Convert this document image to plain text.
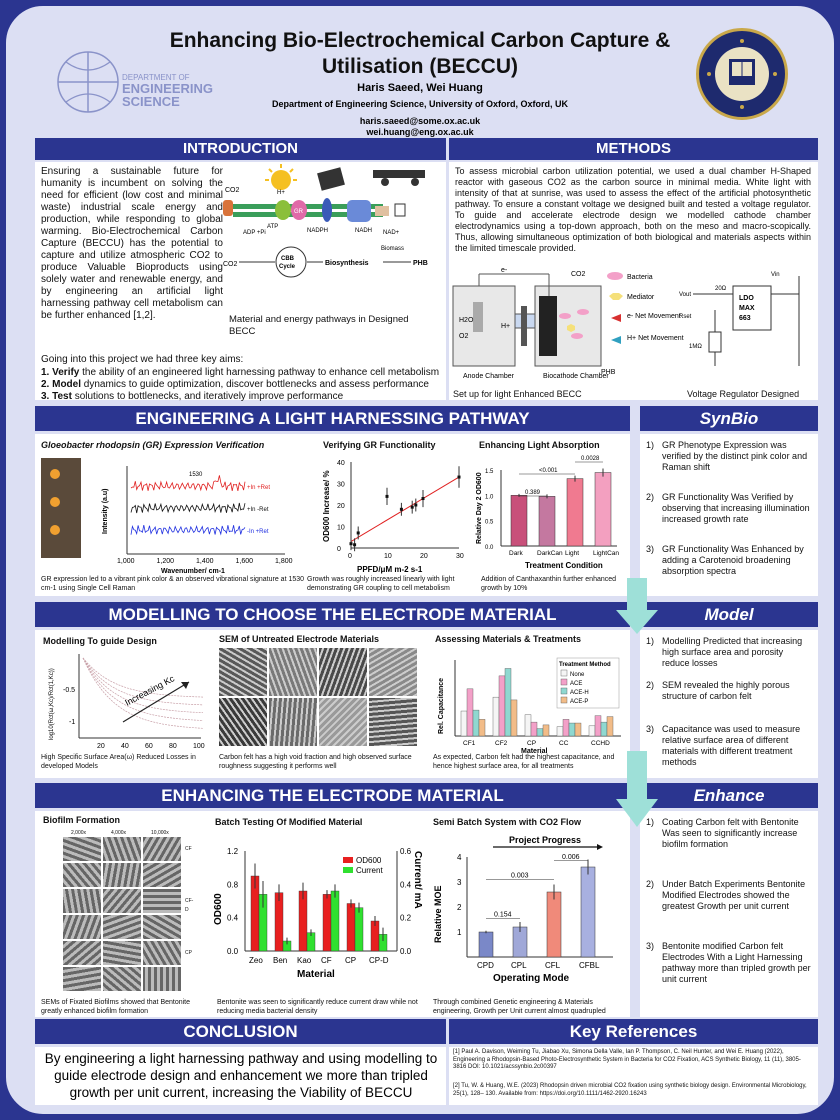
DEPARTMENT OF
ENGINEERING
SCIENCE
Enhancing Bio-Electrochemical Carbon Capture & Utilisation (BECCU)
Haris Saeed, Wei Huang
Department of Engineering Science, University of Oxford, Oxford, UK
haris.saeed@some.ox.ac.uk
wei.huang@eng.ox.ac.uk
INTRODUCTION
Ensuring a sustainable future for humanity is incumbent on solving the need for efficient (low cost and minimal waste) industrial scale energy and production, while responding to global warming. Bio-Electrochemical Carbon Capture (BECCU) has the potential to capture and utilize atmospheric CO2 to produce Valuable Bioproducts using solely water and renewable energy, and by engineering an artificial light harnessing pathway cell metabolism can be further enhanced [1,2].
CO2
GR
ADP +Pi
ATP
NADPH	NADH NAD+
H+
CBB
Cycle
CO2	Biosynthesis
Biomass
PHB
Material and energy pathways in Designed BECC
Going into this project we had three key aims:
1. Verify the ability of an engineered light harnessing pathway to enhance cell metabolism
2. Model dynamics to guide optimization, discover bottlenecks and assess performance
3. Test solutions to bottlenecks, and iteratively improve performance
METHODS
To assess microbial carbon utilization potential, we used a dual chamber H-Shaped reactor with gaseous CO2 as the carbon source in minimal media. White light with intensity of that at sunrise, was used to assess the effect of the artificial photosynthetic pathway. To ensure a constant voltage we designed built and tested a voltage regulator. To guide and accelerate electrode design we modelled cathode chamber electrodynamics using a top-down approach, both on the meso and macro-scopically. Thus, allowing simultaneous optimization of both biological and materials aspects within the limited timescale provided.
e-
H2O
O2
H+
CO2
PHB
Anode Chamber	Biocathode Chamber
Bacteria
Mediator
e- Net Movement
H+ Net Movement
LDO
MAX
663
Vin
Vout
Rset
1MΩ
20Ω
Set up for light Enhanced BECC	Voltage Regulator Designed
ENGINEERING A LIGHT HARNESSING PATHWAY	SynBio
Gloeobacter rhodopsin (GR) Expression Verification
1,000	1,200	1,400	1,600	1,800
Wavenumber/ cm-1
Intensity (a.u)
+In +Ret
+In -Ret
-In +Ret
1530
GR expression led to a vibrant pink color & an observed vibrational signature at 1530 cm-1 using Single Cell Raman
Verifying GR Functionality
0	10	20	30
0
10
20
30
40
PPFD/μM m-2 s-1
OD600 Increase/ %
Growth was roughly increased linearly with light demonstrating GR coupling to cell metabolism
Enhancing Light Absorption
0.0
0.5
1.0
1.5
Relative Day 2 OD600
Dark DarkCan Light LightCan
Treatment Condition
<0.001
0.0028
0.389
Addition of Canthaxanthin further enhanced growth by 10%
1) GR Phenotype Expression was verified by the distinct pink color and Raman shift
2) GR Functionality Was Verified by observing that increasing illumination increased growth rate
3) GR Functionality Was Enhanced by adding a Carotenoid broadening absorption spectra
MODELLING TO CHOOSE THE ELECTRODE MATERIAL	Model
Modelling To guide Design
20 40 60 80 100
-0.5
-1
log10(Rct(ω,Kc)/Rct(1,Kc))	Increasing Kc
High Specific Surface Area(ω) Reduced Losses in developed Models
SEM of Untreated Electrode Materials
Carbon felt has a high void fraction and high observed surface roughness suggesting it performs well
Assessing Materials & Treatments
Rel. Capacitance
CF1	CF2	CP	CC	CCHD
Material
Treatment Method
None
ACE
ACE-H
ACE-P
As expected, Carbon felt had the highest capacitance, and hence highest surface area, for all treatments
1) Modelling Predicted that increasing high surface area and porosity reduce losses
2) SEM revealed the highly porous structure of carbon felt
3) Capacitance was used to measure relative surface area of different materials with different treatment methods
ENHANCING THE ELECTRODE MATERIAL	Enhance
Biofilm Formation
2,000x	4,000x	10,000x
CF
CF-D
CP
SEMs of Fixated Biofilms showed that Bentonite greatly enhanced biofilm formation
Batch Testing Of Modified Material
0.0
0.4
0.8
1.2
0.0
0.2
0.4
0.6
OD600
Current/ mA
Zeo Ben Kao CF CP CP-D
Material
OD600
Current
Bentonite was seen to significantly reduce current draw while not reducing media bacterial density
Semi Batch System with CO2 Flow
Project Progress
1
2
3
4
Relative MOE
CPD CPL CFL CFBL
Operating Mode
0.154
0.003
0.006
Through combined Genetic engineering & Materials engineering, Growth per Unit current almost quadrupled
1) Coating Carbon felt with Bentonite Was seen to significantly increase biofilm formation
2) Under Batch Experiments Bentonite Modified Electrodes showed the greatest Growth per unit current
3) Bentonite modified Carbon felt Electrodes With a Light Harnessing pathway more than tripled growth per unit current
CONCLUSION
By engineering a light harnessing pathway and using modelling to guide electrode design and enhancement we more than tripled growth per unit current, increasing the Viability of BECCU
Key References
[1] Paul A. Davison, Weiming Tu, Jiabao Xu, Simona Della Valle, Ian P. Thompson, C. Neil Hunter, and Wei E. Huang (2022), Engineering a Rhodopsin-Based Photo-Electrosynthetic System in Bacteria for CO2 Fixation, ACS Synthetic Biology, 11 (11), 3805-3816 DOI: 10.1021/acssynbio.2c00397
[2] Tu, W. & Huang, W.E. (2023) Rhodopsin driven microbial CO2 fixation using synthetic biology design. Environmental Microbiology, 25(1), 128– 130. Available from: https://doi.org/10.1111/1462-2920.16243
